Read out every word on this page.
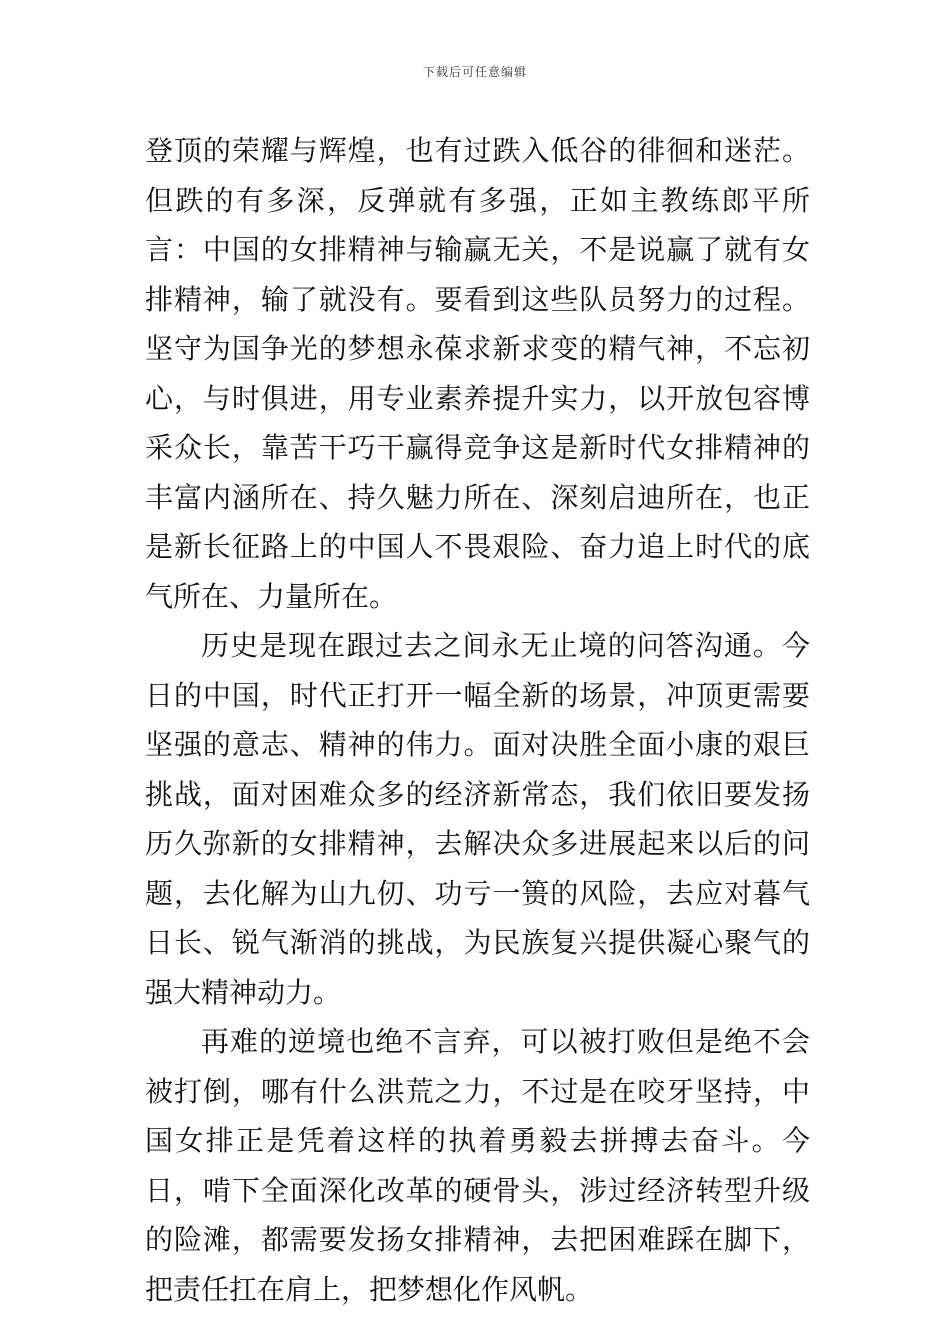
下载后可任意编辑

登顶的荣耀与辉煌，也有过跌入低谷的徘徊和迷茫。但跌的有多深，反弹就有多强，正如主教练郎平所言：中国的女排精神与输赢无关，不是说赢了就有女排精神，输了就没有。要看到这些队员努力的过程。坚守为国争光的梦想永葆求新求变的精气神，不忘初心，与时俱进，用专业素养提升实力，以开放包容博采众长，靠苦干巧干赢得竞争这是新时代女排精神的丰富内涵所在、持久魅力所在、深刻启迪所在，也正是新长征路上的中国人不畏艰险、奋力追上时代的底气所在、力量所在。

历史是现在跟过去之间永无止境的问答沟通。今日的中国，时代正打开一幅全新的场景，冲顶更需要坚强的意志、精神的伟力。面对决胜全面小康的艰巨挑战，面对困难众多的经济新常态，我们依旧要发扬历久弥新的女排精神，去解决众多进展起来以后的问题，去化解为山九仞、功亏一篑的风险，去应对暮气日长、锐气渐消的挑战，为民族复兴提供凝心聚气的强大精神动力。

再难的逆境也绝不言弃，可以被打败但是绝不会被打倒，哪有什么洪荒之力，不过是在咬牙坚持，中国女排正是凭着这样的执着勇毅去拼搏去奋斗。今日，啃下全面深化改革的硬骨头，涉过经济转型升级的险滩，都需要发扬女排精神，去把困难踩在脚下，把责任扛在肩上，把梦想化作风帆。
